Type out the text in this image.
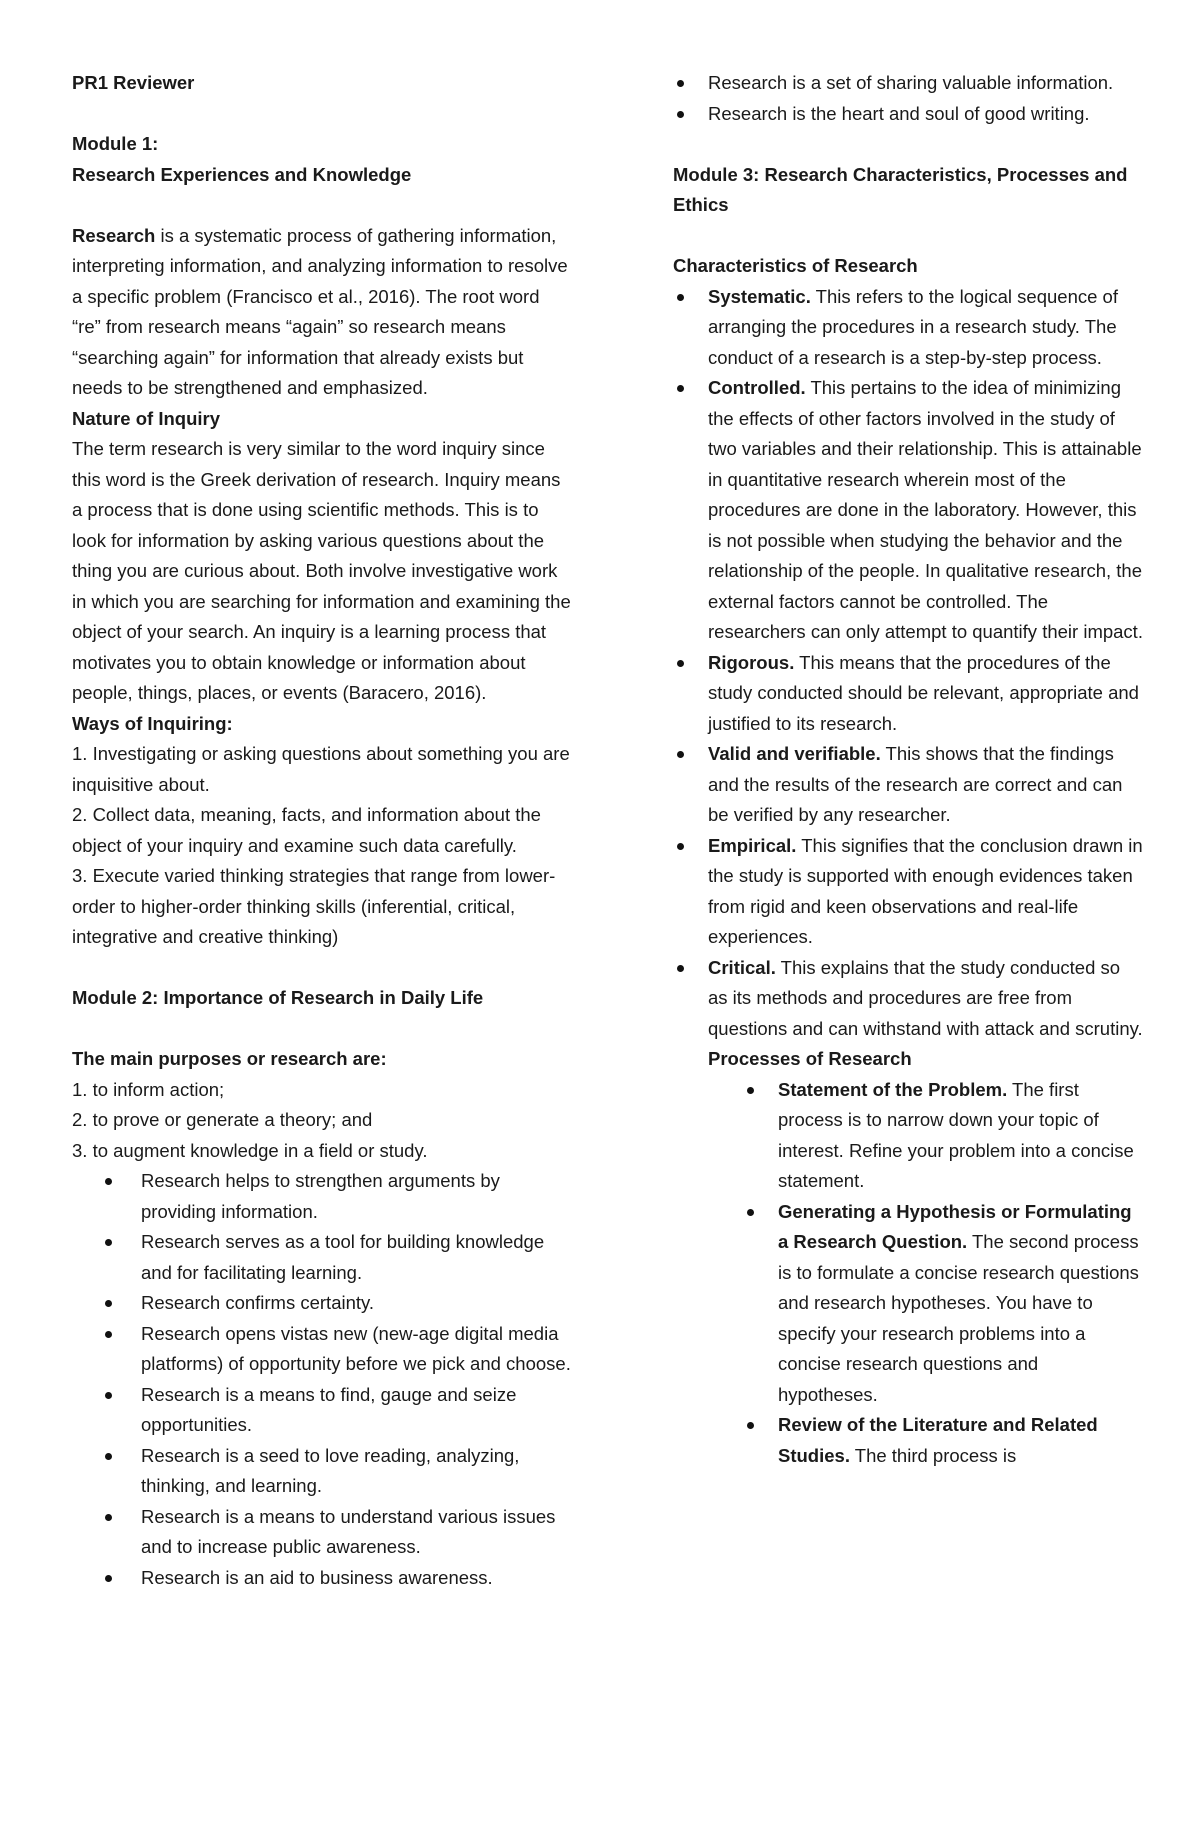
PR1 Reviewer

Module 1:

Research Experiences and Knowledge

Research is a systematic process of gathering information, interpreting information, and analyzing information to resolve a specific problem (Francisco et al., 2016). The root word “re” from research means “again” so research means “searching again” for information that already exists but needs to be strengthened and emphasized.

Nature of Inquiry

The term research is very similar to the word inquiry since this word is the Greek derivation of research. Inquiry means a process that is done using scientific methods. This is to look for information by asking various questions about the thing you are curious about. Both involve investigative work in which you are searching for information and examining the object of your search. An inquiry is a learning process that motivates you to obtain knowledge or information about people, things, places, or events (Baracero, 2016).

Ways of Inquiring:

1. Investigating or asking questions about something you are inquisitive about.

2. Collect data, meaning, facts, and information about the object of your inquiry and examine such data carefully.

3. Execute varied thinking strategies that range from lower-order to higher-order thinking skills (inferential, critical, integrative and creative thinking)

Module 2: Importance of Research in Daily Life

The main purposes or research are:

1. to inform action;

2. to prove or generate a theory; and

3. to augment knowledge in a field or study.

Research helps to strengthen arguments by providing information.
Research serves as a tool for building knowledge and for facilitating learning.
Research confirms certainty.
Research opens vistas new (new-age digital media platforms) of opportunity before we pick and choose.
Research is a means to find, gauge and seize opportunities.
Research is a seed to love reading, analyzing, thinking, and learning.
Research is a means to understand various issues and to increase public awareness.
Research is an aid to business awareness.
Research is a set of sharing valuable information.
Research is the heart and soul of good writing.

Module 3: Research Characteristics, Processes and Ethics

Characteristics of Research

Systematic. This refers to the logical sequence of arranging the procedures in a research study. The conduct of a research is a step-by-step process.
Controlled. This pertains to the idea of minimizing the effects of other factors involved in the study of two variables and their relationship. This is attainable in quantitative research wherein most of the procedures are done in the laboratory. However, this is not possible when studying the behavior and the relationship of the people. In qualitative research, the external factors cannot be controlled. The researchers can only attempt to quantify their impact.
Rigorous. This means that the procedures of the study conducted should be relevant, appropriate and justified to its research.
Valid and verifiable. This shows that the findings and the results of the research are correct and can be verified by any researcher.
Empirical. This signifies that the conclusion drawn in the study is supported with enough evidences taken from rigid and keen observations and real-life experiences.
Critical. This explains that the study conducted so as its methods and procedures are free from questions and can withstand with attack and scrutiny.

Processes of Research

Statement of the Problem. The first process is to narrow down your topic of interest. Refine your problem into a concise statement.
Generating a Hypothesis or Formulating a Research Question. The second process is to formulate a concise research questions and research hypotheses. You have to specify your research problems into a concise research questions and hypotheses.
Review of the Literature and Related Studies. The third process is
